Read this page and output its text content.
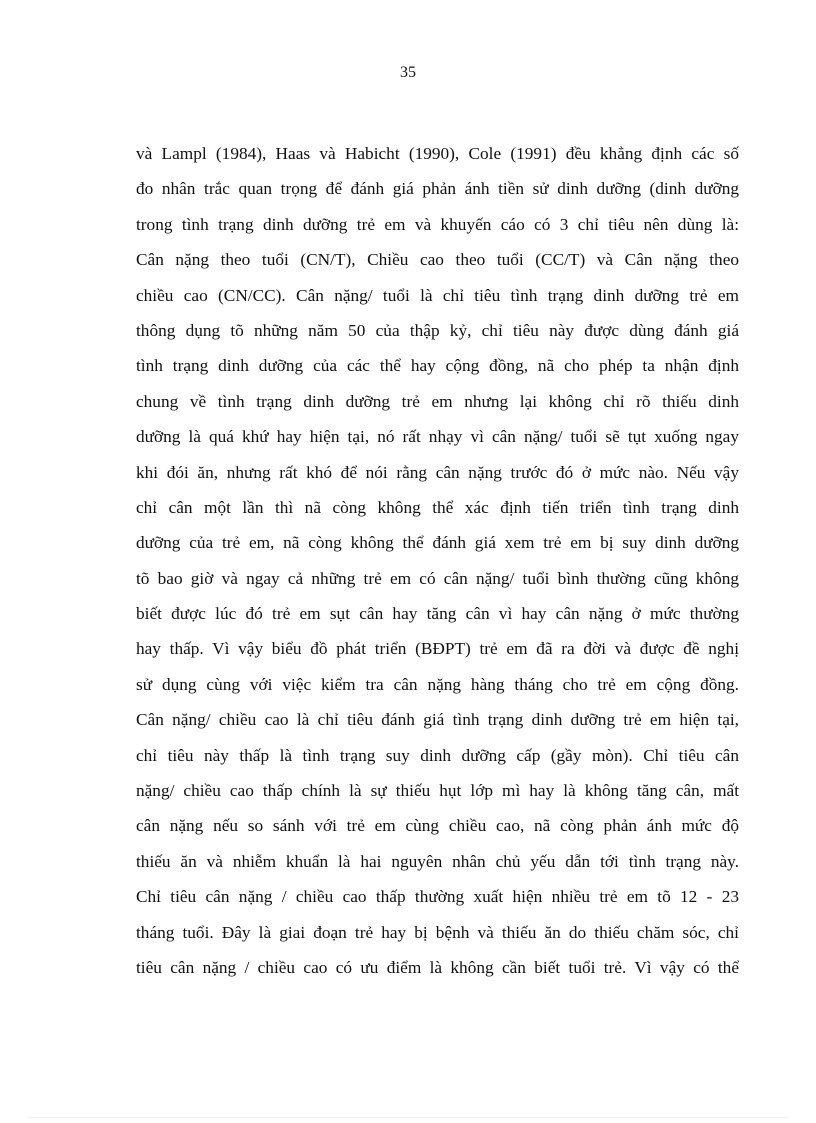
35
và Lampl (1984), Haas và Habicht (1990), Cole (1991) đều khẳng định các số
đo nhân trắc quan trọng để đánh giá phản ánh tiền sử dinh dưỡng (dinh dưỡng
trong tình trạng dinh dưỡng trẻ em và khuyến cáo có 3 chỉ tiêu nên dùng là:
Cân nặng theo tuổi (CN/T), Chiều cao theo tuổi (CC/T) và Cân nặng theo
chiều cao (CN/CC). Cân nặng/ tuổi là chỉ tiêu tình trạng dinh dưỡng trẻ em
thông dụng tõ những năm 50 của thập kỷ, chỉ tiêu này được dùng đánh giá
tình trạng dinh dưỡng của các thể hay cộng đồng, nã cho phép ta nhận định
chung về tình trạng dinh dưỡng trẻ em nhưng lại không chỉ rõ thiếu dinh
dưỡng là quá khứ hay hiện tại, nó rất nhạy vì cân nặng/ tuổi sẽ tụt xuống ngay
khi đói ăn, nhưng rất khó để nói rằng cân nặng trước đó ở mức nào. Nếu vậy
chỉ cân một lần thì nã còng không thể xác định tiến triển tình trạng dinh
dưỡng của trẻ em, nã còng không thể đánh giá xem trẻ em bị suy dinh dưỡng
tõ bao giờ và ngay cả những trẻ em có cân nặng/ tuổi bình thường cũng không
biết được lúc đó trẻ em sụt cân hay tăng cân vì hay cân nặng ở mức thường
hay thấp. Vì vậy biểu đồ phát triển (BĐPT) trẻ em đã ra đời và được đề nghị
sử dụng cùng với việc kiểm tra cân nặng hàng tháng cho trẻ em cộng đồng.
Cân nặng/ chiều cao là chỉ tiêu đánh giá tình trạng dinh dưỡng trẻ em hiện tại,
chỉ tiêu này thấp là tình trạng suy dinh dưỡng cấp (gầy mòn). Chỉ tiêu cân
nặng/ chiều cao thấp chính là sự thiếu hụt lớp mì hay là không tăng cân, mất
cân nặng nếu so sánh với trẻ em cùng chiều cao, nã còng phản ánh mức độ
thiếu ăn và nhiễm khuẩn là hai nguyên nhân chủ yếu dẫn tới tình trạng này.
Chỉ tiêu cân nặng / chiều cao thấp thường xuất hiện nhiều trẻ em tõ 12 - 23
tháng tuổi. Đây là giai đoạn trẻ hay bị bệnh và thiếu ăn do thiếu chăm sóc, chỉ
tiêu cân nặng / chiều cao có ưu điểm là không cần biết tuổi trẻ. Vì vậy có thể
